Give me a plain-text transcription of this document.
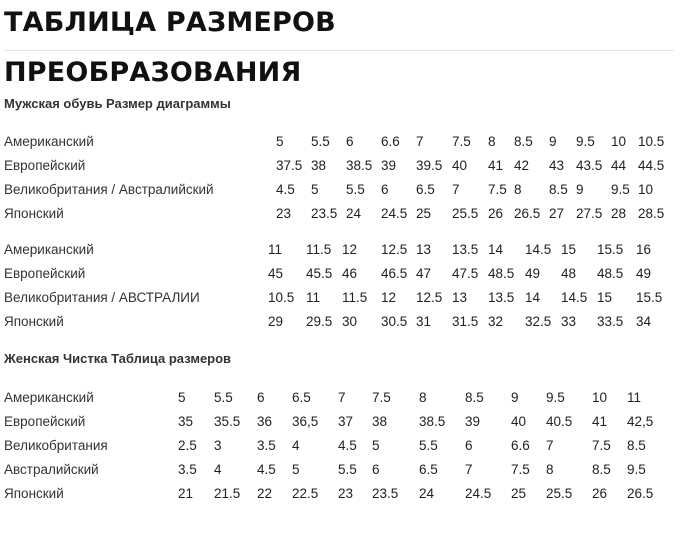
ТАБЛИЦА РАЗМЕРОВ
ПРЕОБРАЗОВАНИЯ
Мужская обувь Размер диаграммы
Американский	5 5.5 6 6.6 7 7.5 8 8.5 9 9.5 10 10.5
Европейский	37.5 38 38.5 39 39.5 40 41 42 43 43.5 44 44.5
Великобритания / Австралийский	4.5 5 5.5 6 6.5 7 7.5 8 8.5 9 9.5 10
Японский	23 23.5 24 24.5 25 25.5 26 26.5 27 27.5 28 28.5
Американский	11 11.5 12 12.5 13 13.5 14 14.5 15 15.5 16
Европейский	45 45.5 46 46.5 47 47.5 48.5 49 48 48.5 49
Великобритания / АВСТРАЛИИ	10.5 11 11.5 12 12.5 13 13.5 14 14.5 15 15.5
Японский	29 29.5 30 30.5 31 31.5 32 32.5 33 33.5 34
Женская Чистка Таблица размеров
Американский	5 5.5 6 6.5 7 7.5 8	8.5 9 9.5 10 11
Европейский	35 35.5 36 36,5 37 38 38.5 39 40 40.5 41 42,5
Великобритания	2.5 3	3.5 4	4.5 5	5.5 6	6.6 7	7.5 8.5
Австралийский	3.5 4	4.5 5	5.5 6	6.5 7	7.5 8	8.5 9.5
Японский	21 21.5 22 22.5 23 23.5 24 24.5 25 25.5 26 26.5
